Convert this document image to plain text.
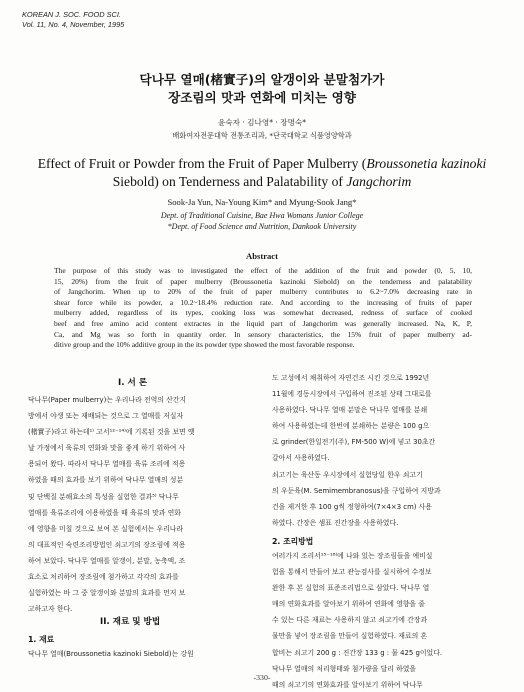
KOREAN J. SOC. FOOD SCI.
Vol. 11, No. 4, November, 1995
닥나무 열매(楮實子)의 알갱이와 분말첨가가
장조림의 맛과 연화에 미치는 영향
윤숙자 · 김나영* · 장명숙*
배화여자전문대학 전통조리과, *단국대학교 식품영양학과
Effect of Fruit or Powder from the Fruit of Paper Mulberry (Broussonetia kazinoki Siebold) on Tenderness and Palatability of Jangchorim
Sook-Ja Yun, Na-Young Kim* and Myung-Sook Jang*
Dept. of Traditional Cuisine, Bae Hwa Womans Junior College
*Dept. of Food Science and Nutrition, Dankook University
Abstract
The purpose of this study was to investigated the effect of the addition of the fruit and powder (0, 5, 10,
15, 20%) from the fruit of paper mulberry (Broussonetia kazinoki Siebold) on the tenderness and palatability
of Jangchorim. When up to 20% of the fruit of paper mulberry contributes to 6.2~7.0% decreasing rate in
shear force while its powder, a 10.2~18.4% reduction rate. And according to the increasing of fruits of paper
mulberry added, regardless of its types, cooking loss was somewhat decreased, redness of surface of cooked
beef and free amino acid content extractes in the liquid part of Jangchorim was generally increased. Na, K, P,
Ca, and Mg was so forth in quantity order. In sensory characteristics, the 15% fruit of paper mulberry ad-
ditive group and the 10% additive group in the its powder type showed the most favorable response.
I. 서 론
닥나무(Paper mulberry)는 우리나라 전역의 산간지
방에서 야생 또는 재배되는 것으로 그 열매를 저실자
(楮實子)라고 하는데¹⁾ 고서¹²⁻¹⁴⁾에 기록된 것을 보면 옛
날 가정에서 육류의 연화와 맛을 좋게 하기 위하여 사
용되어 왔다. 따라서 닥나무 열매를 육류 조리에 적용
하였을 때의 효과를 보기 위하여 닥나무 열매의 성분
및 단백질 분해효소의 특성을 실험한 결과⁵⁾ 닥나무
열매를 육류조리에 이용하였을 때 육류의 맛과 연화
에 영향을 미칠 것으로 보여 본 실험에서는 우리나라
의 대표적인 숙련조리방법인 쇠고기의 장조림에 적용
하여 보았다. 닥나무 열매를 알갱이, 분말, 농축액, 조
효소로 처리하여 장조림에 첨가하고 각각의 효과를
실험하였는 바 그 중 알갱이와 분말의 효과를 먼저 보
고하고자 한다.
II. 재료 및 방법
1. 재료
닥나무 열매(Broussonetia kazinoki Siebold)는 강원
도 고성에서 채취하여 자연건조 시킨 것으로 1992년
11월에 경동시장에서 구입하여 진조된 상태 그대로를
사용하였다. 닥나무 열매 분말은 닥나무 열매를 분쇄
하여 사용하였는데 한번에 분쇄하는 분량은 100 g으
로 grinder(한일전기(주), FM-500 W)에 넣고 30초간
갈아서 사용하였다.
쇠고기는 육산동 우시장에서 실험당일 한우 쇠고기
의 우둔육(M. Semimembranosus)을 구입하여 지방과
건을 제거한 후 100 g씩 정형하여(7×4×3 cm) 사용
하였다. 간장은 샘표 진간장을 사용하였다.
2. 조리방법
여러가지 조리서¹⁵⁻¹⁸⁾에 나와 있는 장조림들을 예비실
험을 통해서 만들어 보고 관능검사를 실시하여 수정보
완한 후 본 실험의 표준조리법으로 삼았다. 닥나무 열
매의 연화효과를 알아보기 위하여 연화에 영향을 줄
수 있는 다른 재료는 사용하지 않고 쇠고기에 간장과
물만을 넣어 장조림을 만들어 실험하였다. 재료의 혼
합비는 쇠고기 200 g : 진간장 133 g : 물 425 g이었다.
닥나무 열매의 처리형태와 첨가량을 달리 하였을
때의 쇠고기의 연화효과를 알아보기 위하여 닥나무
-330-
